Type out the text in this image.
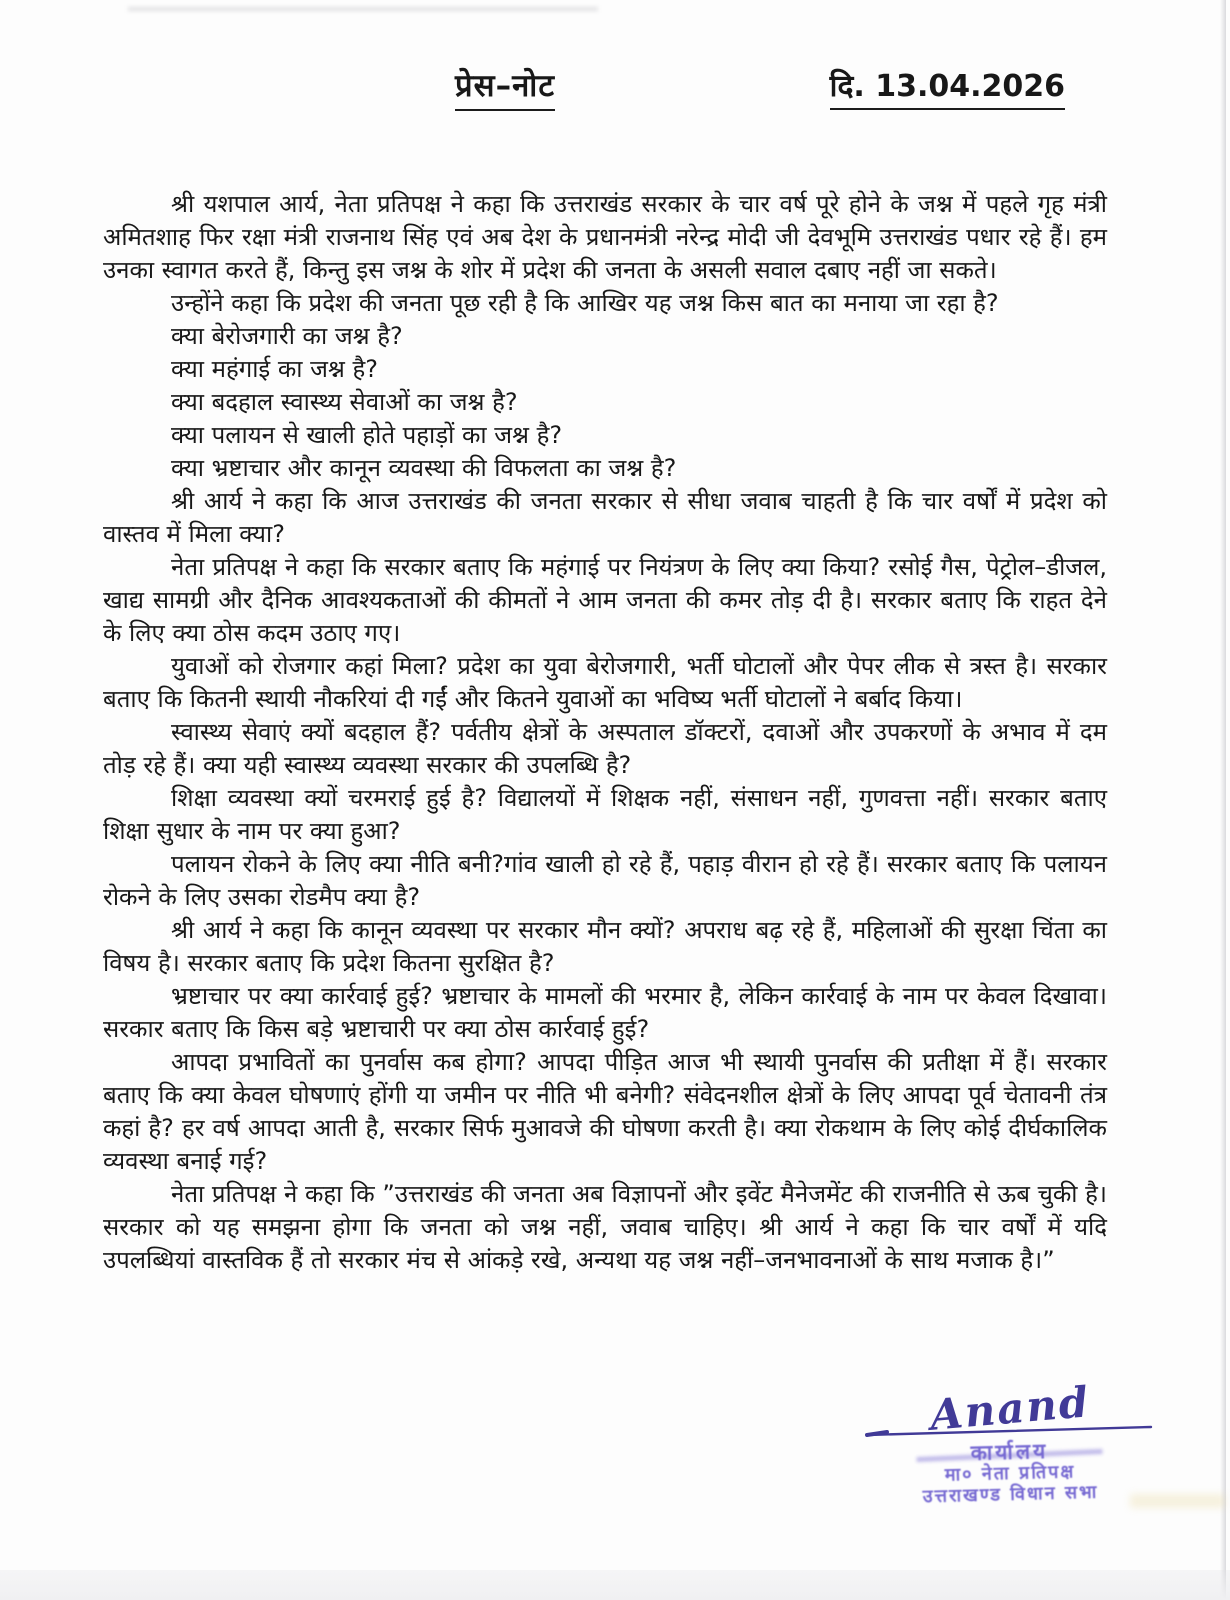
प्रेस–नोट	दि. 13.04.2026

श्री यशपाल आर्य, नेता प्रतिपक्ष ने कहा कि उत्तराखंड सरकार के चार वर्ष पूरे होने के जश्न में पहले गृह मंत्री अमितशाह फिर रक्षा मंत्री राजनाथ सिंह एवं अब देश के प्रधानमंत्री नरेन्द्र मोदी जी देवभूमि उत्तराखंड पधार रहे हैं। हम उनका स्वागत करते हैं, किन्तु इस जश्न के शोर में प्रदेश की जनता के असली सवाल दबाए नहीं जा सकते।

उन्होंने कहा कि प्रदेश की जनता पूछ रही है कि आखिर यह जश्न किस बात का मनाया जा रहा है?

क्या बेरोजगारी का जश्न है?

क्या महंगाई का जश्न है?

क्या बदहाल स्वास्थ्य सेवाओं का जश्न है?

क्या पलायन से खाली होते पहाड़ों का जश्न है?

क्या भ्रष्टाचार और कानून व्यवस्था की विफलता का जश्न है?

श्री आर्य ने कहा कि आज उत्तराखंड की जनता सरकार से सीधा जवाब चाहती है कि चार वर्षों में प्रदेश को वास्तव में मिला क्या?

नेता प्रतिपक्ष ने कहा कि सरकार बताए कि महंगाई पर नियंत्रण के लिए क्या किया? रसोई गैस, पेट्रोल–डीजल, खाद्य सामग्री और दैनिक आवश्यकताओं की कीमतों ने आम जनता की कमर तोड़ दी है। सरकार बताए कि राहत देने के लिए क्या ठोस कदम उठाए गए।

युवाओं को रोजगार कहां मिला? प्रदेश का युवा बेरोजगारी, भर्ती घोटालों और पेपर लीक से त्रस्त है। सरकार बताए कि कितनी स्थायी नौकरियां दी गईं और कितने युवाओं का भविष्य भर्ती घोटालों ने बर्बाद किया।

स्वास्थ्य सेवाएं क्यों बदहाल हैं? पर्वतीय क्षेत्रों के अस्पताल डॉक्टरों, दवाओं और उपकरणों के अभाव में दम तोड़ रहे हैं। क्या यही स्वास्थ्य व्यवस्था सरकार की उपलब्धि है?

शिक्षा व्यवस्था क्यों चरमराई हुई है? विद्यालयों में शिक्षक नहीं, संसाधन नहीं, गुणवत्ता नहीं। सरकार बताए शिक्षा सुधार के नाम पर क्या हुआ?

पलायन रोकने के लिए क्या नीति बनी?गांव खाली हो रहे हैं, पहाड़ वीरान हो रहे हैं। सरकार बताए कि पलायन रोकने के लिए उसका रोडमैप क्या है?

श्री आर्य ने कहा कि कानून व्यवस्था पर सरकार मौन क्यों? अपराध बढ़ रहे हैं, महिलाओं की सुरक्षा चिंता का विषय है। सरकार बताए कि प्रदेश कितना सुरक्षित है?

भ्रष्टाचार पर क्या कार्रवाई हुई? भ्रष्टाचार के मामलों की भरमार है, लेकिन कार्रवाई के नाम पर केवल दिखावा। सरकार बताए कि किस बड़े भ्रष्टाचारी पर क्या ठोस कार्रवाई हुई?

आपदा प्रभावितों का पुनर्वास कब होगा? आपदा पीड़ित आज भी स्थायी पुनर्वास की प्रतीक्षा में हैं। सरकार बताए कि क्या केवल घोषणाएं होंगी या जमीन पर नीति भी बनेगी? संवेदनशील क्षेत्रों के लिए आपदा पूर्व चेतावनी तंत्र कहां है? हर वर्ष आपदा आती है, सरकार सिर्फ मुआवजे की घोषणा करती है। क्या रोकथाम के लिए कोई दीर्घकालिक व्यवस्था बनाई गई?

नेता प्रतिपक्ष ने कहा कि ”उत्तराखंड की जनता अब विज्ञापनों और इवेंट मैनेजमेंट की राजनीति से ऊब चुकी है। सरकार को यह समझना होगा कि जनता को जश्न नहीं, जवाब चाहिए। श्री आर्य ने कहा कि चार वर्षों में यदि उपलब्धियां वास्तविक हैं तो सरकार मंच से आंकड़े रखे, अन्यथा यह जश्न नहीं–जनभावनाओं के साथ मजाक है।”

Anand
कार्यालय
मा० नेता प्रतिपक्ष
उत्तराखण्ड विधान सभा
